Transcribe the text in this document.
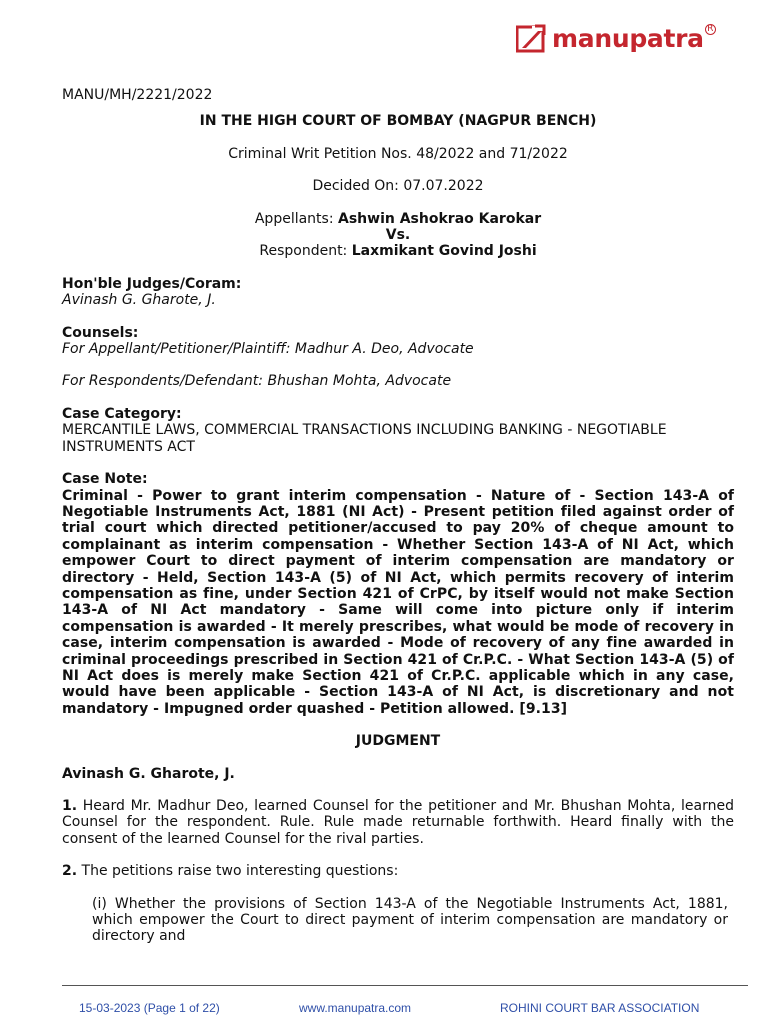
manupatra R

MANU/MH/2221/2022

IN THE HIGH COURT OF BOMBAY (NAGPUR BENCH)

Criminal Writ Petition Nos. 48/2022 and 71/2022

Decided On: 07.07.2022

Appellants: Ashwin Ashokrao Karokar

Vs.

Respondent: Laxmikant Govind Joshi

Hon'ble Judges/Coram:

Avinash G. Gharote, J.

Counsels:

For Appellant/Petitioner/Plaintiff: Madhur A. Deo, Advocate

For Respondents/Defendant: Bhushan Mohta, Advocate

Case Category:

MERCANTILE LAWS, COMMERCIAL TRANSACTIONS INCLUDING BANKING - NEGOTIABLE INSTRUMENTS ACT

Case Note:

Criminal - Power to grant interim compensation - Nature of - Section 143-A of Negotiable Instruments Act, 1881 (NI Act) - Present petition filed against order of trial court which directed petitioner/accused to pay 20% of cheque amount to complainant as interim compensation - Whether Section 143-A of NI Act, which empower Court to direct payment of interim compensation are mandatory or directory - Held, Section 143-A (5) of NI Act, which permits recovery of interim compensation as fine, under Section 421 of CrPC, by itself would not make Section 143-A of NI Act mandatory - Same will come into picture only if interim compensation is awarded - It merely prescribes, what would be mode of recovery in case, interim compensation is awarded - Mode of recovery of any fine awarded in criminal proceedings prescribed in Section 421 of Cr.P.C. - What Section 143-A (5) of NI Act does is merely make Section 421 of Cr.P.C. applicable which in any case, would have been applicable - Section 143-A of NI Act, is discretionary and not mandatory - Impugned order quashed - Petition allowed. [9.13]

JUDGMENT

Avinash G. Gharote, J.

1. Heard Mr. Madhur Deo, learned Counsel for the petitioner and Mr. Bhushan Mohta, learned Counsel for the respondent. Rule. Rule made returnable forthwith. Heard finally with the consent of the learned Counsel for the rival parties.

2. The petitions raise two interesting questions:

(i) Whether the provisions of Section 143-A of the Negotiable Instruments Act, 1881, which empower the Court to direct payment of interim compensation are mandatory or directory and

15-03-2023 (Page 1 of 22)	www.manupatra.com	ROHINI COURT BAR ASSOCIATION
